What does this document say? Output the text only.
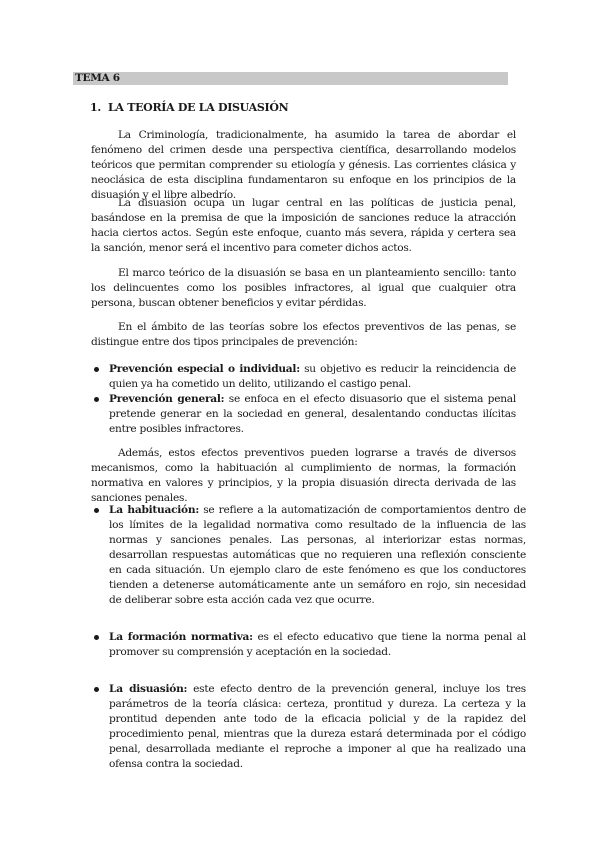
TEMA 6
1. LA TEORÍA DE LA DISUASIÓN

La Criminología, tradicionalmente, ha asumido la tarea de abordar el fenómeno del crimen desde una perspectiva científica, desarrollando modelos teóricos que permitan comprender su etiología y génesis. Las corrientes clásica y neoclásica de esta disciplina fundamentaron su enfoque en los principios de la disuasión y el libre albedrío.

La disuasión ocupa un lugar central en las políticas de justicia penal, basándose en la premisa de que la imposición de sanciones reduce la atracción hacia ciertos actos. Según este enfoque, cuanto más severa, rápida y certera sea la sanción, menor será el incentivo para cometer dichos actos.

El marco teórico de la disuasión se basa en un planteamiento sencillo: tanto los delincuentes como los posibles infractores, al igual que cualquier otra persona, buscan obtener beneficios y evitar pérdidas.

En el ámbito de las teorías sobre los efectos preventivos de las penas, se distingue entre dos tipos principales de prevención:

Prevención especial o individual: su objetivo es reducir la reincidencia de quien ya ha cometido un delito, utilizando el castigo penal.
Prevención general: se enfoca en el efecto disuasorio que el sistema penal pretende generar en la sociedad en general, desalentando conductas ilícitas entre posibles infractores.

Además, estos efectos preventivos pueden lograrse a través de diversos mecanismos, como la habituación al cumplimiento de normas, la formación normativa en valores y principios, y la propia disuasión directa derivada de las sanciones penales.

La habituación: se refiere a la automatización de comportamientos dentro de los límites de la legalidad normativa como resultado de la influencia de las normas y sanciones penales. Las personas, al interiorizar estas normas, desarrollan respuestas automáticas que no requieren una reflexión consciente en cada situación. Un ejemplo claro de este fenómeno es que los conductores tienden a detenerse automáticamente ante un semáforo en rojo, sin necesidad de deliberar sobre esta acción cada vez que ocurre.
La formación normativa: es el efecto educativo que tiene la norma penal al promover su comprensión y aceptación en la sociedad.
La disuasión: este efecto dentro de la prevención general, incluye los tres parámetros de la teoría clásica: certeza, prontitud y dureza. La certeza y la prontitud dependen ante todo de la eficacia policial y de la rapidez del procedimiento penal, mientras que la dureza estará determinada por el código penal, desarrollada mediante el reproche a imponer al que ha realizado una ofensa contra la sociedad.
